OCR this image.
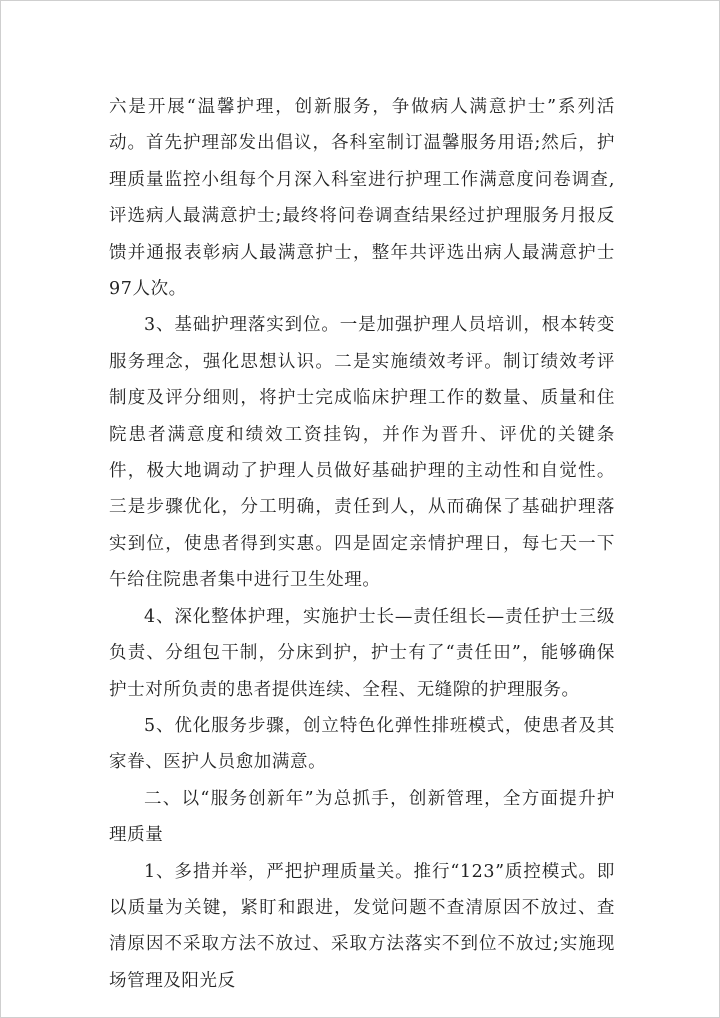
六是开展“温馨护理，创新服务，争做病人满意护士”系列活动。首先护理部发出倡议，各科室制订温馨服务用语;然后，护理质量监控小组每个月深入科室进行护理工作满意度问卷调查,评选病人最满意护士;最终将问卷调查结果经过护理服务月报反馈并通报表彰病人最满意护士，整年共评选出病人最满意护士97人次。

3、基础护理落实到位。一是加强护理人员培训，根本转变服务理念，强化思想认识。二是实施绩效考评。制订绩效考评制度及评分细则，将护士完成临床护理工作的数量、质量和住院患者满意度和绩效工资挂钩，并作为晋升、评优的关键条件，极大地调动了护理人员做好基础护理的主动性和自觉性。三是步骤优化，分工明确，责任到人，从而确保了基础护理落实到位，使患者得到实惠。四是固定亲情护理日，每七天一下午给住院患者集中进行卫生处理。

4、深化整体护理，实施护士长—责任组长—责任护士三级负责、分组包干制，分床到护，护士有了“责任田”，能够确保护士对所负责的患者提供连续、全程、无缝隙的护理服务。

5、优化服务步骤，创立特色化弹性排班模式，使患者及其家眷、医护人员愈加满意。

二、以“服务创新年”为总抓手，创新管理，全方面提升护理质量

1、多措并举，严把护理质量关。推行“123”质控模式。即以质量为关键，紧盯和跟进，发觉问题不查清原因不放过、查清原因不采取方法不放过、采取方法落实不到位不放过;实施现场管理及阳光反
